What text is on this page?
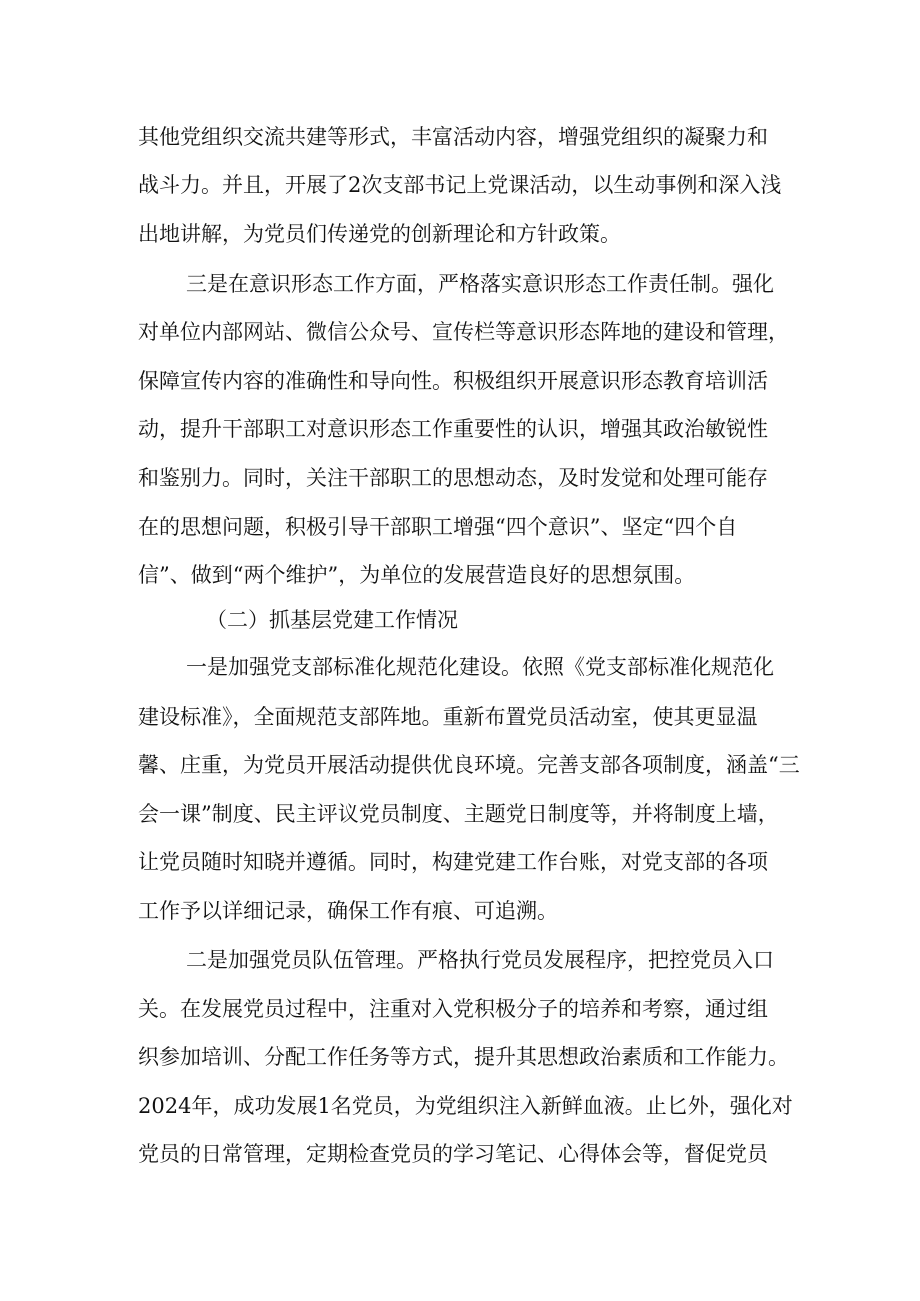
其他党组织交流共建等形式，丰富活动内容，增强党组织的凝聚力和
战斗力。并且，开展了2次支部书记上党课活动，以生动事例和深入浅
出地讲解，为党员们传递党的创新理论和方针政策。
三是在意识形态工作方面，严格落实意识形态工作责任制。强化
对单位内部网站、微信公众号、宣传栏等意识形态阵地的建设和管理，
保障宣传内容的准确性和导向性。积极组织开展意识形态教育培训活
动，提升干部职工对意识形态工作重要性的认识，增强其政治敏锐性
和鉴别力。同时，关注干部职工的思想动态，及时发觉和处理可能存
在的思想问题，积极引导干部职工增强“四个意识”、坚定“四个自
信”、做到“两个维护”，为单位的发展营造良好的思想氛围。
（二）抓基层党建工作情况
一是加强党支部标准化规范化建设。依照《党支部标准化规范化
建设标准》，全面规范支部阵地。重新布置党员活动室，使其更显温
馨、庄重，为党员开展活动提供优良环境。完善支部各项制度，涵盖“三
会一课”制度、民主评议党员制度、主题党日制度等，并将制度上墙，
让党员随时知晓并遵循。同时，构建党建工作台账，对党支部的各项
工作予以详细记录，确保工作有痕、可追溯。
二是加强党员队伍管理。严格执行党员发展程序，把控党员入口
关。在发展党员过程中，注重对入党积极分子的培养和考察，通过组
织参加培训、分配工作任务等方式，提升其思想政治素质和工作能力。
2024年，成功发展1名党员，为党组织注入新鲜血液。止匕外，强化对
党员的日常管理，定期检查党员的学习笔记、心得体会等，督促党员
